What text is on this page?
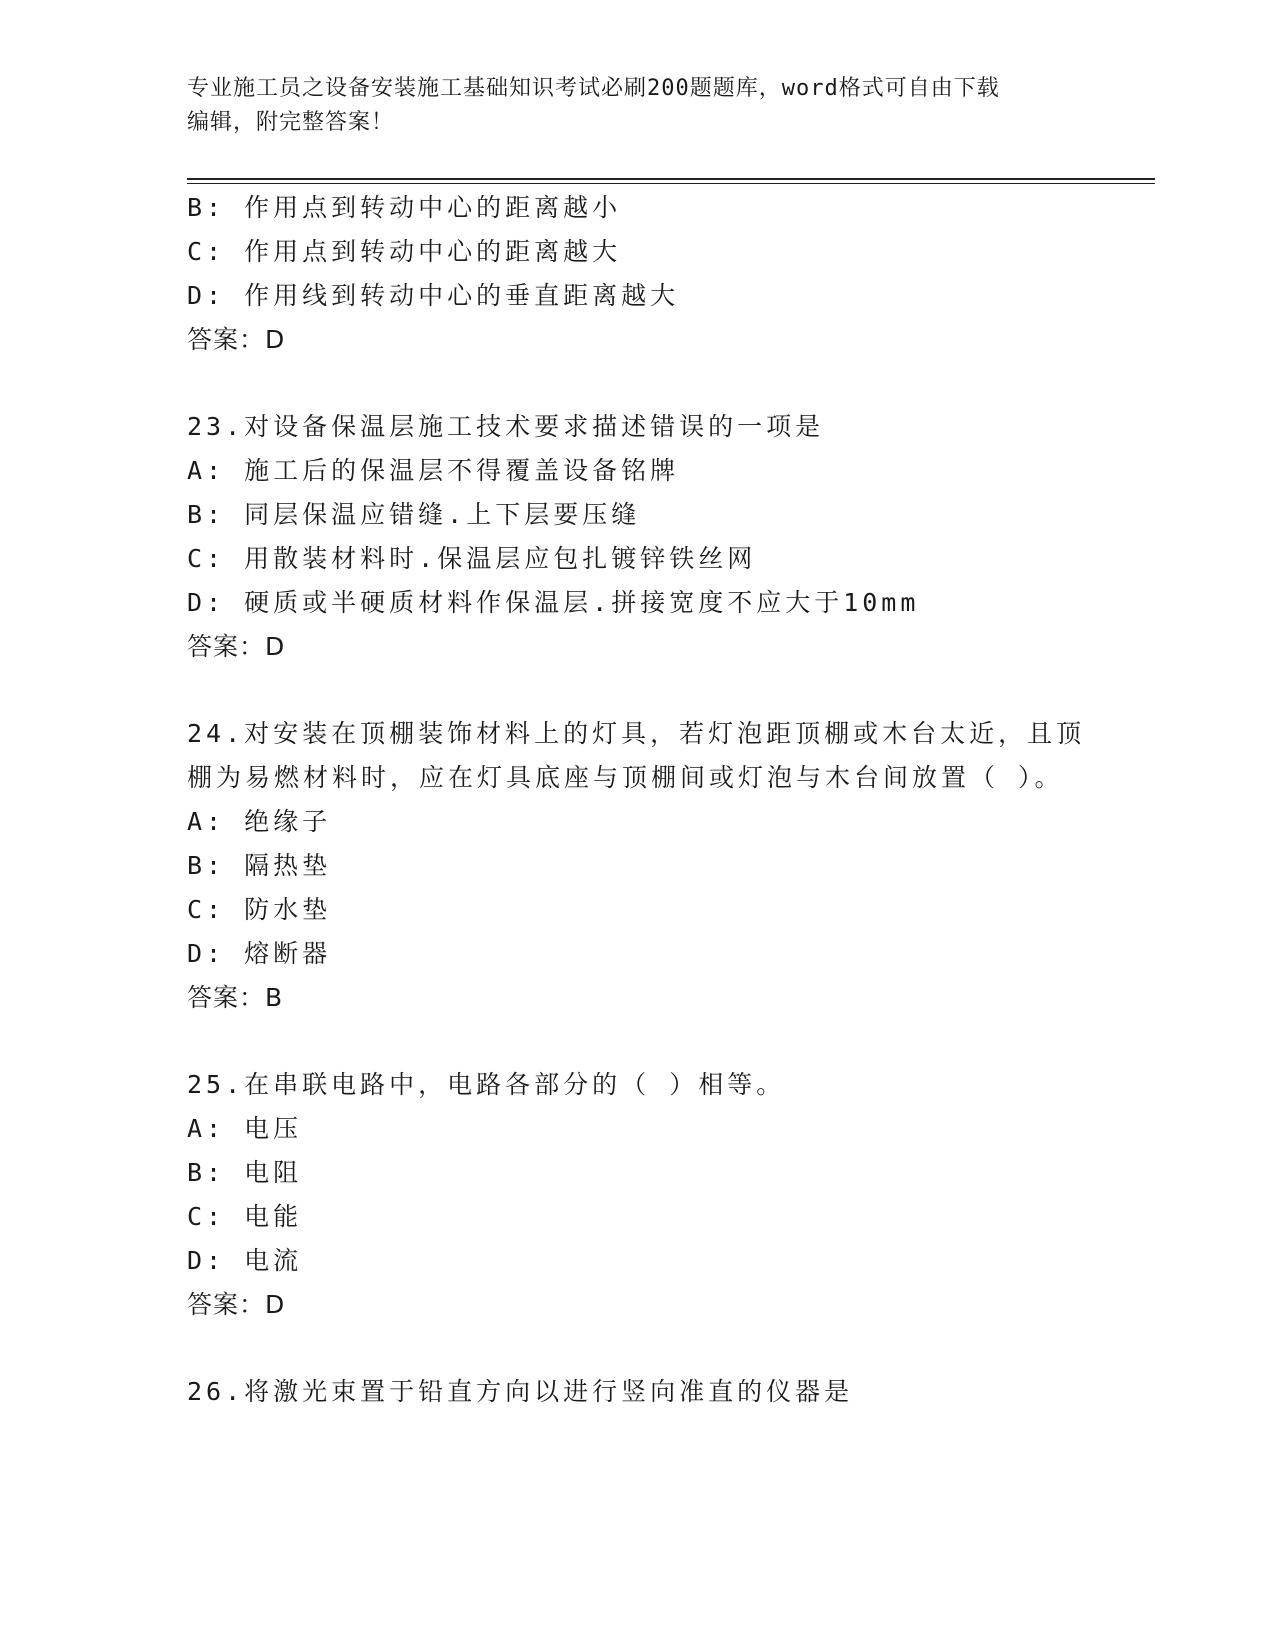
专业施工员之设备安装施工基础知识考试必刷200题题库，word格式可自由下载
编辑，附完整答案！
B: 作用点到转动中心的距离越小
C: 作用点到转动中心的距离越大
D: 作用线到转动中心的垂直距离越大
答案：D
23.对设备保温层施工技术要求描述错误的一项是
A: 施工后的保温层不得覆盖设备铭牌
B: 同层保温应错缝.上下层要压缝
C: 用散装材料时.保温层应包扎镀锌铁丝网
D: 硬质或半硬质材料作保温层.拼接宽度不应大于10mm
答案：D
24.对安装在顶棚装饰材料上的灯具，若灯泡距顶棚或木台太近，且顶
棚为易燃材料时，应在灯具底座与顶棚间或灯泡与木台间放置（ ）。
A: 绝缘子
B: 隔热垫
C: 防水垫
D: 熔断器
答案：B
25.在串联电路中，电路各部分的（ ）相等。
A: 电压
B: 电阻
C: 电能
D: 电流
答案：D
26.将激光束置于铅直方向以进行竖向准直的仪器是
